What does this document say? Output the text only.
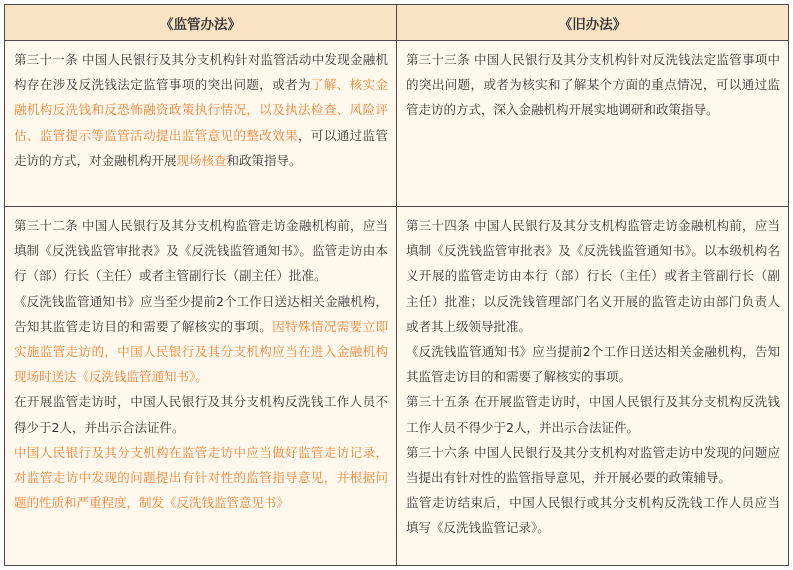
《监管办法》	《旧办法》

第三十一条 中国人民银行及其分支机构针对监管活动中发现金融机构存在涉及反洗钱法定监管事项的突出问题，或者为了解、核实金融机构反洗钱和反恐怖融资政策执行情况，以及执法检查、风险评估、监管提示等监管活动提出监管意见的整改效果，可以通过监管走访的方式，对金融机构开展现场核查和政策指导。

第三十三条 中国人民银行及其分支机构针对反洗钱法定监管事项中的突出问题，或者为核实和了解某个方面的重点情况，可以通过监管走访的方式，深入金融机构开展实地调研和政策指导。

第三十二条 中国人民银行及其分支机构监管走访金融机构前，应当填制《反洗钱监管审批表》及《反洗钱监管通知书》。监管走访由本行（部）行长（主任）或者主管副行长（副主任）批准。

《反洗钱监管通知书》应当至少提前2个工作日送达相关金融机构，告知其监管走访目的和需要了解核实的事项。因特殊情况需要立即实施监管走访的，中国人民银行及其分支机构应当在进入金融机构现场时送达《反洗钱监管通知书》。

在开展监管走访时，中国人民银行及其分支机构反洗钱工作人员不得少于2人，并出示合法证件。

中国人民银行及其分支机构在监管走访中应当做好监管走访记录，对监管走访中发现的问题提出有针对性的监管指导意见，并根据问题的性质和严重程度，制发《反洗钱监管意见书》

第三十四条 中国人民银行及其分支机构监管走访金融机构前，应当填制《反洗钱监管审批表》及《反洗钱监管通知书》。以本级机构名义开展的监管走访由本行（部）行长（主任）或者主管副行长（副主任）批准；以反洗钱管理部门名义开展的监管走访由部门负责人或者其上级领导批准。

《反洗钱监管通知书》应当提前2个工作日送达相关金融机构，告知其监管走访目的和需要了解核实的事项。

第三十五条 在开展监管走访时，中国人民银行及其分支机构反洗钱工作人员不得少于2人，并出示合法证件。

第三十六条 中国人民银行及其分支机构对监管走访中发现的问题应当提出有针对性的监管指导意见，并开展必要的政策辅导。

监管走访结束后，中国人民银行或其分支机构反洗钱工作人员应当填写《反洗钱监管记录》。
